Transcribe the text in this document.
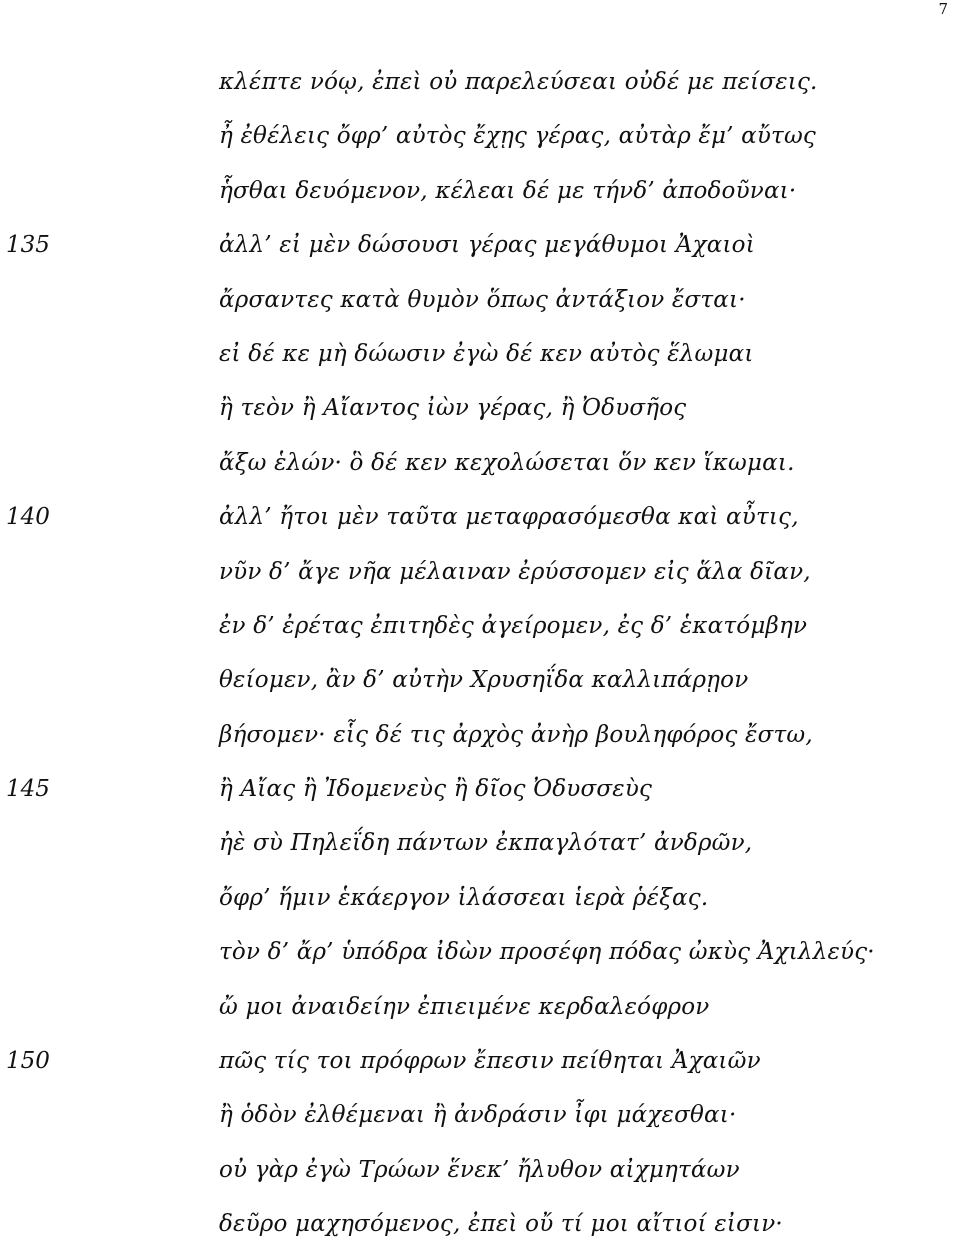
7
κλέπτε νόῳ, ἐπεὶ οὐ παρελεύσεαι οὐδέ με πείσεις.
ἦ ἐθέλεις ὄφρ’ αὐτὸς ἔχῃς γέρας, αὐτὰρ ἔμ’ αὔτως
ἧσθαι δευόμενον, κέλεαι δέ με τήνδ’ ἀποδοῦναι·
135	ἀλλ’ εἰ μὲν δώσουσι γέρας μεγάθυμοι Ἀχαιοὶ
ἄρσαντες κατὰ θυμὸν ὅπως ἀντάξιον ἔσται·
εἰ δέ κε μὴ δώωσιν ἐγὼ δέ κεν αὐτὸς ἕλωμαι
ἢ τεὸν ἢ Αἴαντος ἰὼν γέρας, ἢ Ὀδυσῆος
ἄξω ἑλών· ὃ δέ κεν κεχολώσεται ὅν κεν ἵκωμαι.
140	ἀλλ’ ἤτοι μὲν ταῦτα μεταφρασόμεσθα καὶ αὖτις,
νῦν δ’ ἄγε νῆα μέλαιναν ἐρύσσομεν εἰς ἅλα δῖαν,
ἐν δ’ ἐρέτας ἐπιτηδὲς ἀγείρομεν, ἐς δ’ ἑκατόμβην
θείομεν, ἂν δ’ αὐτὴν Χρυσηΐδα καλλιπάρῃον
βήσομεν· εἷς δέ τις ἀρχὸς ἀνὴρ βουληφόρος ἔστω,
145	ἢ Αἴας ἢ Ἰδομενεὺς ἢ δῖος Ὀδυσσεὺς
ἠὲ σὺ Πηλεΐδη πάντων ἐκπαγλότατ’ ἀνδρῶν,
ὄφρ’ ἥμιν ἑκάεργον ἱλάσσεαι ἱερὰ ῥέξας.
τὸν δ’ ἄρ’ ὑπόδρα ἰδὼν προσέφη πόδας ὠκὺς Ἀχιλλεύς·
ὤ μοι ἀναιδείην ἐπιειμένε κερδαλεόφρον
150	πῶς τίς τοι πρόφρων ἔπεσιν πείθηται Ἀχαιῶν
ἢ ὁδὸν ἐλθέμεναι ἢ ἀνδράσιν ἶφι μάχεσθαι·
οὐ γὰρ ἐγὼ Τρώων ἕνεκ’ ἤλυθον αἰχμητάων
δεῦρο μαχησόμενος, ἐπεὶ οὔ τί μοι αἴτιοί εἰσιν·
